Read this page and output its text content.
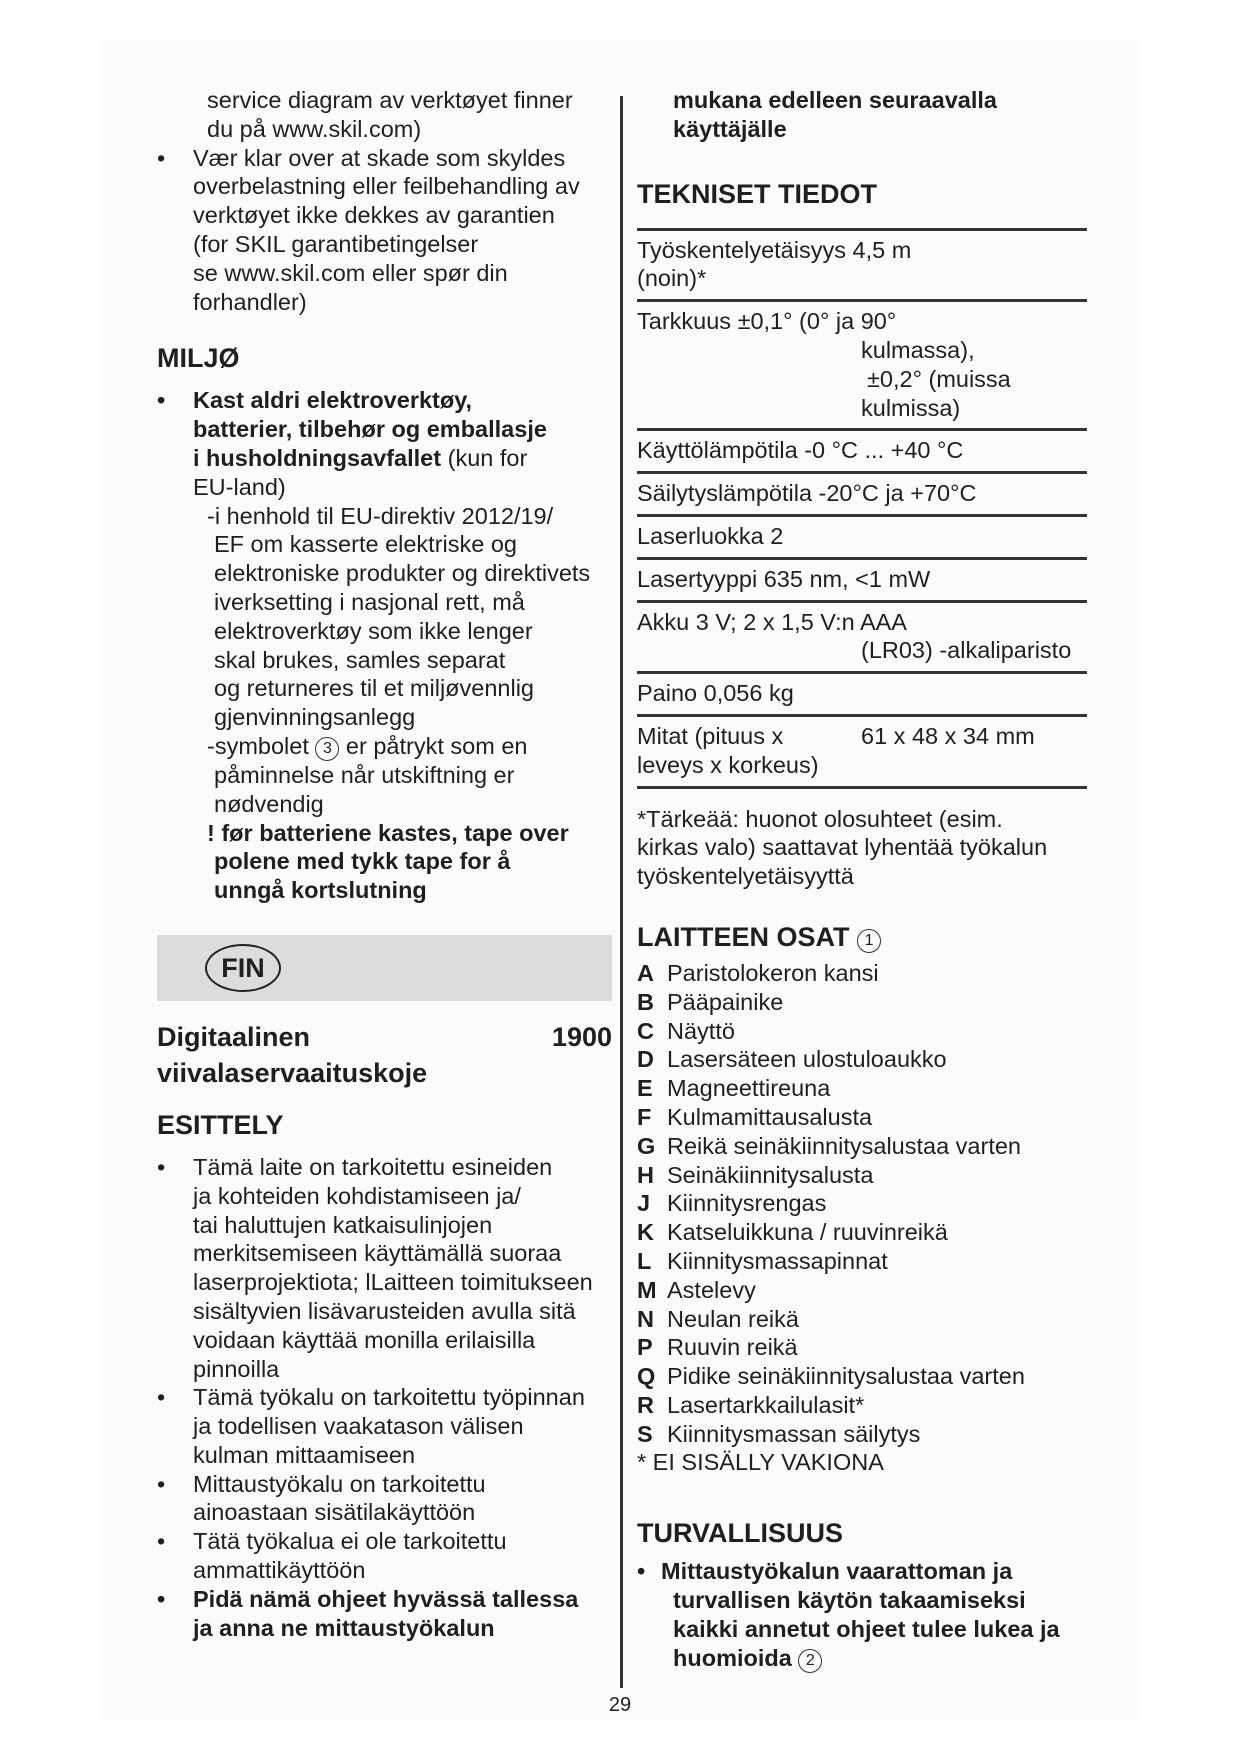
service diagram av verktøyet finner

du på www.skil.com)

• Vær klar over at skade som skyldes

overbelastning eller feilbehandling av

verktøyet ikke dekkes av garantien

(for SKIL garantibetingelser

se www.skil.com eller spør din

forhandler)

MILJØ

• Kast aldri elektroverktøy,

batterier, tilbehør og emballasje

i husholdningsavfallet (kun for

EU-land)

-i henhold til EU-direktiv 2012/19/

EF om kasserte elektriske og

elektroniske produkter og direktivets

iverksetting i nasjonal rett, må

elektroverktøy som ikke lenger

skal brukes, samles separat

og returneres til et miljøvennlig

gjenvinningsanlegg

-symbolet 3 er påtrykt som en

påminnelse når utskiftning er

nødvendig

! før batteriene kastes, tape over

polene med tykk tape for å

unngå kortslutning

FIN
Digitaalinen	1900

viivalaservaaituskoje

ESITTELY

• Tämä laite on tarkoitettu esineiden

ja kohteiden kohdistamiseen ja/

tai haluttujen katkaisulinjojen

merkitsemiseen käyttämällä suoraa

laserprojektiota; lLaitteen toimitukseen

sisältyvien lisävarusteiden avulla sitä

voidaan käyttää monilla erilaisilla

pinnoilla

• Tämä työkalu on tarkoitettu työpinnan

ja todellisen vaakatason välisen

kulman mittaamiseen

• Mittaustyökalu on tarkoitettu

ainoastaan sisätilakäyttöön

• Tätä työkalua ei ole tarkoitettu

ammattikäyttöön

• Pidä nämä ohjeet hyvässä tallessa

ja anna ne mittaustyökalun

mukana edelleen seuraavalla

käyttäjälle

TEKNISET TIEDOT

Työskentelyetäisyys 4,5 m

(noin)*

Tarkkuus ±0,1° (0° ja 90°

kulmassa),

±0,2° (muissa

kulmissa)

Käyttölämpötila -0 °C ... +40 °C

Säilytyslämpötila -20°C ja +70°C

Laserluokka 2

Lasertyyppi 635 nm, <1 mW

Akku 3 V; 2 x 1,5 V:n AAA

(LR03) -alkaliparisto

Paino 0,056 kg

Mitat (pituus x	61 x 48 x 34 mm

leveys x korkeus)

*Tärkeää: huonot olosuhteet (esim.

kirkas valo) saattavat lyhentää työkalun

työskentelyetäisyyttä

LAITTEEN OSAT 1
A Paristolokeron kansi
B Pääpainike
C Näyttö
D Lasersäteen ulostuloaukko
E Magneettireuna
F Kulmamittausalusta
G Reikä seinäkiinnitysalustaa varten
H Seinäkiinnitysalusta
J Kiinnitysrengas
K Katseluikkuna / ruuvinreikä
L Kiinnitysmassapinnat
M Astelevy
N Neulan reikä
P Ruuvin reikä
Q Pidike seinäkiinnitysalustaa varten
R Lasertarkkailulasit*
S Kiinnitysmassan säilytys

* EI SISÄLLY VAKIONA

TURVALLISUUS

• Mittaustyökalun vaarattoman ja

turvallisen käytön takaamiseksi

kaikki annetut ohjeet tulee lukea ja

huomioida 2

29
